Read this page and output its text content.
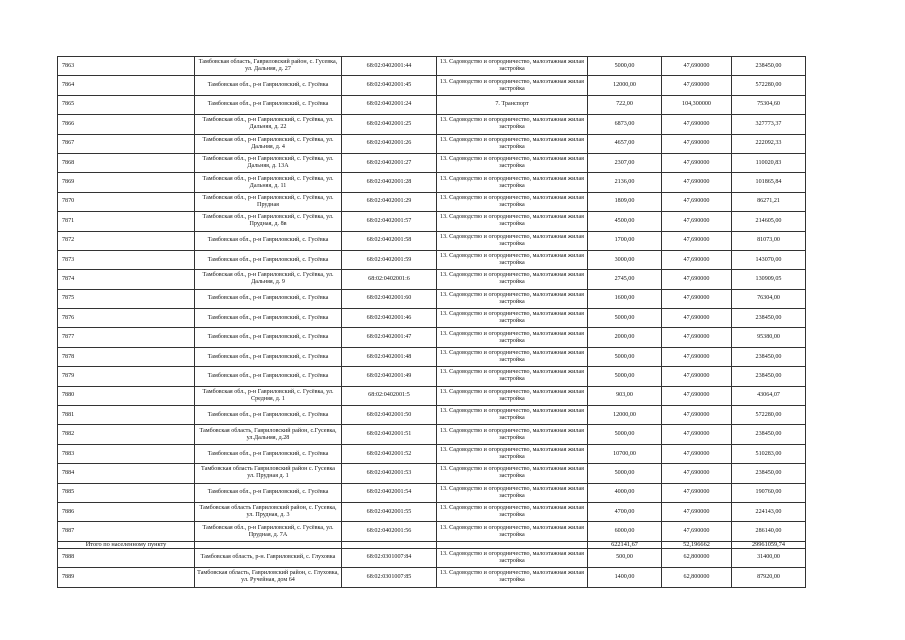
7863	Тамбовская область, Гавриловский район, с. Гусевка, ул. Дальняя, д. 27	68:02:0402001:44	13. Садоводство и огородничество, малоэтажная жилая застройка	5000,00	47,690000	238450,00
7864	Тамбовская обл., р-н Гавриловский, с. Гусёвка	68:02:0402001:45	13. Садоводство и огородничество, малоэтажная жилая застройка	12000,00	47,690000	572280,00
7865	Тамбовская обл., р-н Гавриловский, с. Гусёвка	68:02:0402001:24	7. Транспорт	722,00	104,300000	75304,60
7866	Тамбовская обл., р-н Гавриловский, с. Гусёвка, ул. Дальняя, д. 22	68:02:0402001:25	13. Садоводство и огородничество, малоэтажная жилая застройка	6873,00	47,690000	327773,37
7867	Тамбовская обл., р-н Гавриловский, с. Гусёвка, ул. Дальняя, д. 4	68:02:0402001:26	13. Садоводство и огородничество, малоэтажная жилая застройка	4657,00	47,690000	222092,33
7868	Тамбовская обл., р-н Гавриловский, с. Гусёвка, ул. Дальняя, д. 13А	68:02:0402001:27	13. Садоводство и огородничество, малоэтажная жилая застройка	2307,00	47,690000	110020,83
7869	Тамбовская обл., р-н Гавриловский, с. Гусёвка, ул. Дальняя, д. 11	68:02:0402001:28	13. Садоводство и огородничество, малоэтажная жилая застройка	2136,00	47,690000	101865,84
7870	Тамбовская обл., р-н Гавриловский, с. Гусёвка, ул. Прудная	68:02:0402001:29	13. Садоводство и огородничество, малоэтажная жилая застройка	1809,00	47,690000	86271,21
7871	Тамбовская обл., р-н Гавриловский, с. Гусёвка, ул. Прудная, д. 8в	68:02:0402001:57	13. Садоводство и огородничество, малоэтажная жилая застройка	4500,00	47,690000	214605,00
7872	Тамбовская обл., р-н Гавриловский, с. Гусёвка	68:02:0402001:58	13. Садоводство и огородничество, малоэтажная жилая застройка	1700,00	47,690000	81073,00
7873	Тамбовская обл., р-н Гавриловский, с. Гусёвка	68:02:0402001:59	13. Садоводство и огородничество, малоэтажная жилая застройка	3000,00	47,690000	143070,00
7874	Тамбовская обл., р-н Гавриловский, с. Гусёвка, ул. Дальняя, д. 9	68:02:0402001:6	13. Садоводство и огородничество, малоэтажная жилая застройка	2745,00	47,690000	130909,05
7875	Тамбовская обл., р-н Гавриловский, с. Гусёвка	68:02:0402001:60	13. Садоводство и огородничество, малоэтажная жилая застройка	1600,00	47,690000	76304,00
7876	Тамбовская обл., р-н Гавриловский, с. Гусёвка	68:02:0402001:46	13. Садоводство и огородничество, малоэтажная жилая застройка	5000,00	47,690000	238450,00
7877	Тамбовская обл., р-н Гавриловский, с. Гусёвка	68:02:0402001:47	13. Садоводство и огородничество, малоэтажная жилая застройка	2000,00	47,690000	95380,00
7878	Тамбовская обл., р-н Гавриловский, с. Гусёвка	68:02:0402001:48	13. Садоводство и огородничество, малоэтажная жилая застройка	5000,00	47,690000	238450,00
7879	Тамбовская обл., р-н Гавриловский, с. Гусёвка	68:02:0402001:49	13. Садоводство и огородничество, малоэтажная жилая застройка	5000,00	47,690000	238450,00
7880	Тамбовская обл., р-н Гавриловский, с. Гусёвка, ул. Средняя, д. 1	68:02:0402001:5	13. Садоводство и огородничество, малоэтажная жилая застройка	903,00	47,690000	43064,07
7881	Тамбовская обл., р-н Гавриловский, с. Гусёвка	68:02:0402001:50	13. Садоводство и огородничество, малоэтажная жилая застройка	12000,00	47,690000	572280,00
7882	Тамбовская область, Гавриловский район, с.Гусевка, ул.Дальняя, д.28	68:02:0402001:51	13. Садоводство и огородничество, малоэтажная жилая застройка	5000,00	47,690000	238450,00
7883	Тамбовская обл., р-н Гавриловский, с. Гусёвка	68:02:0402001:52	13. Садоводство и огородничество, малоэтажная жилая застройка	10700,00	47,690000	510283,00
7884	Тамбовская область Гавриловский район с. Гусевка ул. Прудная д. 1	68:02:0402001:53	13. Садоводство и огородничество, малоэтажная жилая застройка	5000,00	47,690000	238450,00
7885	Тамбовская обл., р-н Гавриловский, с. Гусёвка	68:02:0402001:54	13. Садоводство и огородничество, малоэтажная жилая застройка	4000,00	47,690000	190760,00
7886	Тамбовская область Гавриловский район, с. Гусевка, ул. Прудная, д. 3	68:02:0402001:55	13. Садоводство и огородничество, малоэтажная жилая застройка	4700,00	47,690000	224143,00
7887	Тамбовская обл., р-н Гавриловский, с. Гусёвка, ул. Прудная, д. 7А	68:02:0402001:56	13. Садоводство и огородничество, малоэтажная жилая застройка	6000,00	47,690000	286140,00
Итого по населенному пункту				622141,67	52,196662	29961059,74
7888	Тамбовская область, р-н. Гавриловский, с. Глуховка	68:02:0301007:84	13. Садоводство и огородничество, малоэтажная жилая застройка	500,00	62,800000	31400,00
7889	Тамбовская область, Гавриловский район, с. Глуховка, ул. Ручейная, дом 64	68:02:0301007:85	13. Садоводство и огородничество, малоэтажная жилая застройка	1400,00	62,800000	87920,00
